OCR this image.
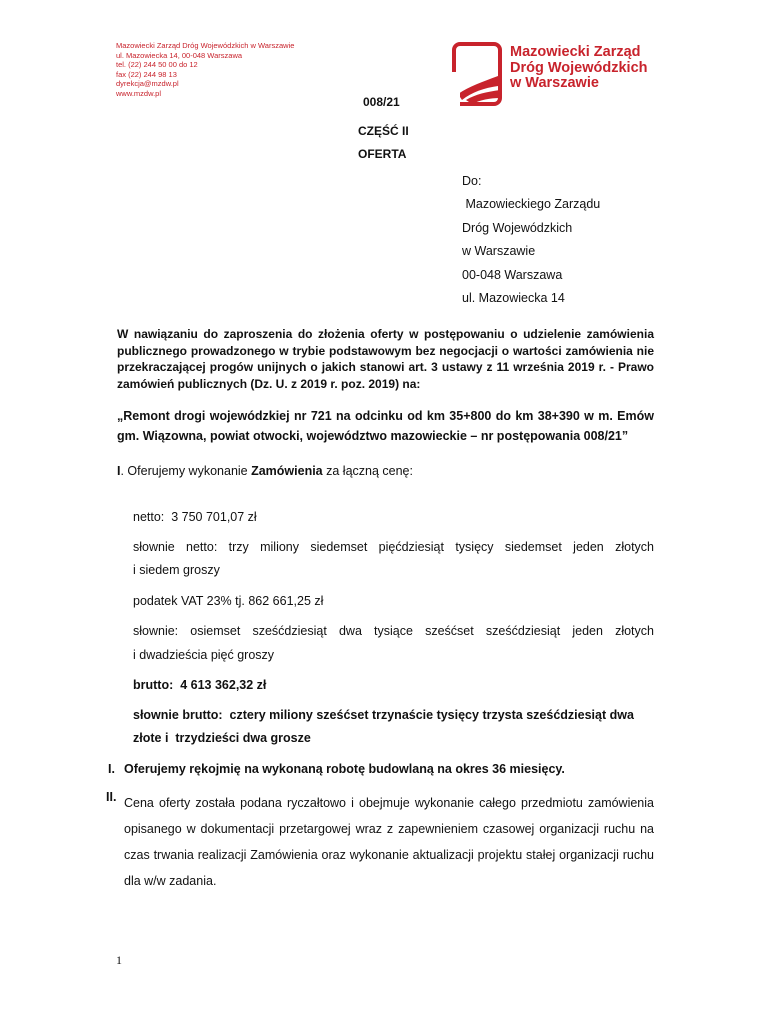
Mazowiecki Zarząd Dróg Wojewódzkich w Warszawie
ul. Mazowiecka 14, 00-048 Warszawa
tel. (22) 244 50 00 do 12
fax (22) 244 98 13
dyrekcja@mzdw.pl
www.mzdw.pl
Mazowiecki Zarząd
Dróg Wojewódzkich
w Warszawie
008/21
CZĘŚĆ II
OFERTA
Do:
Mazowieckiego Zarządu
Dróg Wojewódzkich
w Warszawie
00-048 Warszawa
ul. Mazowiecka 14
W nawiązaniu do zaproszenia do złożenia oferty w postępowaniu o udzielenie zamówienia publicznego prowadzonego w trybie podstawowym bez negocjacji o wartości zamówienia nie przekraczającej progów unijnych o jakich stanowi art. 3 ustawy z 11 września 2019 r. - Prawo zamówień publicznych (Dz. U. z 2019 r. poz. 2019) na:
„Remont drogi wojewódzkiej nr 721 na odcinku od km 35+800 do km 38+390 w m. Emów gm. Wiązowna, powiat otwocki, województwo mazowieckie – nr postępowania 008/21”
I. Oferujemy wykonanie Zamówienia za łączną cenę:
netto:  3 750 701,07 zł
słownie netto: trzy miliony siedemset pięćdziesiąt tysięcy siedemset jeden złotych
i siedem groszy
podatek VAT 23% tj. 862 661,25 zł
słownie: osiemset sześćdziesiąt dwa tysiące sześćset sześćdziesiąt jeden złotych
i dwadzieścia pięć groszy
brutto:  4 613 362,32 zł
słownie brutto:  cztery miliony sześćset trzynaście tysięcy trzysta sześćdziesiąt dwa
złote i  trzydzieści dwa grosze
I. Oferujemy rękojmię na wykonaną robotę budowlaną na okres 36 miesięcy.
II. Cena oferty została podana ryczałtowo i obejmuje wykonanie całego przedmiotu zamówienia opisanego w dokumentacji przetargowej wraz z zapewnieniem czasowej organizacji ruchu na czas trwania realizacji Zamówienia oraz wykonanie aktualizacji projektu stałej organizacji ruchu dla w/w zadania.
1
